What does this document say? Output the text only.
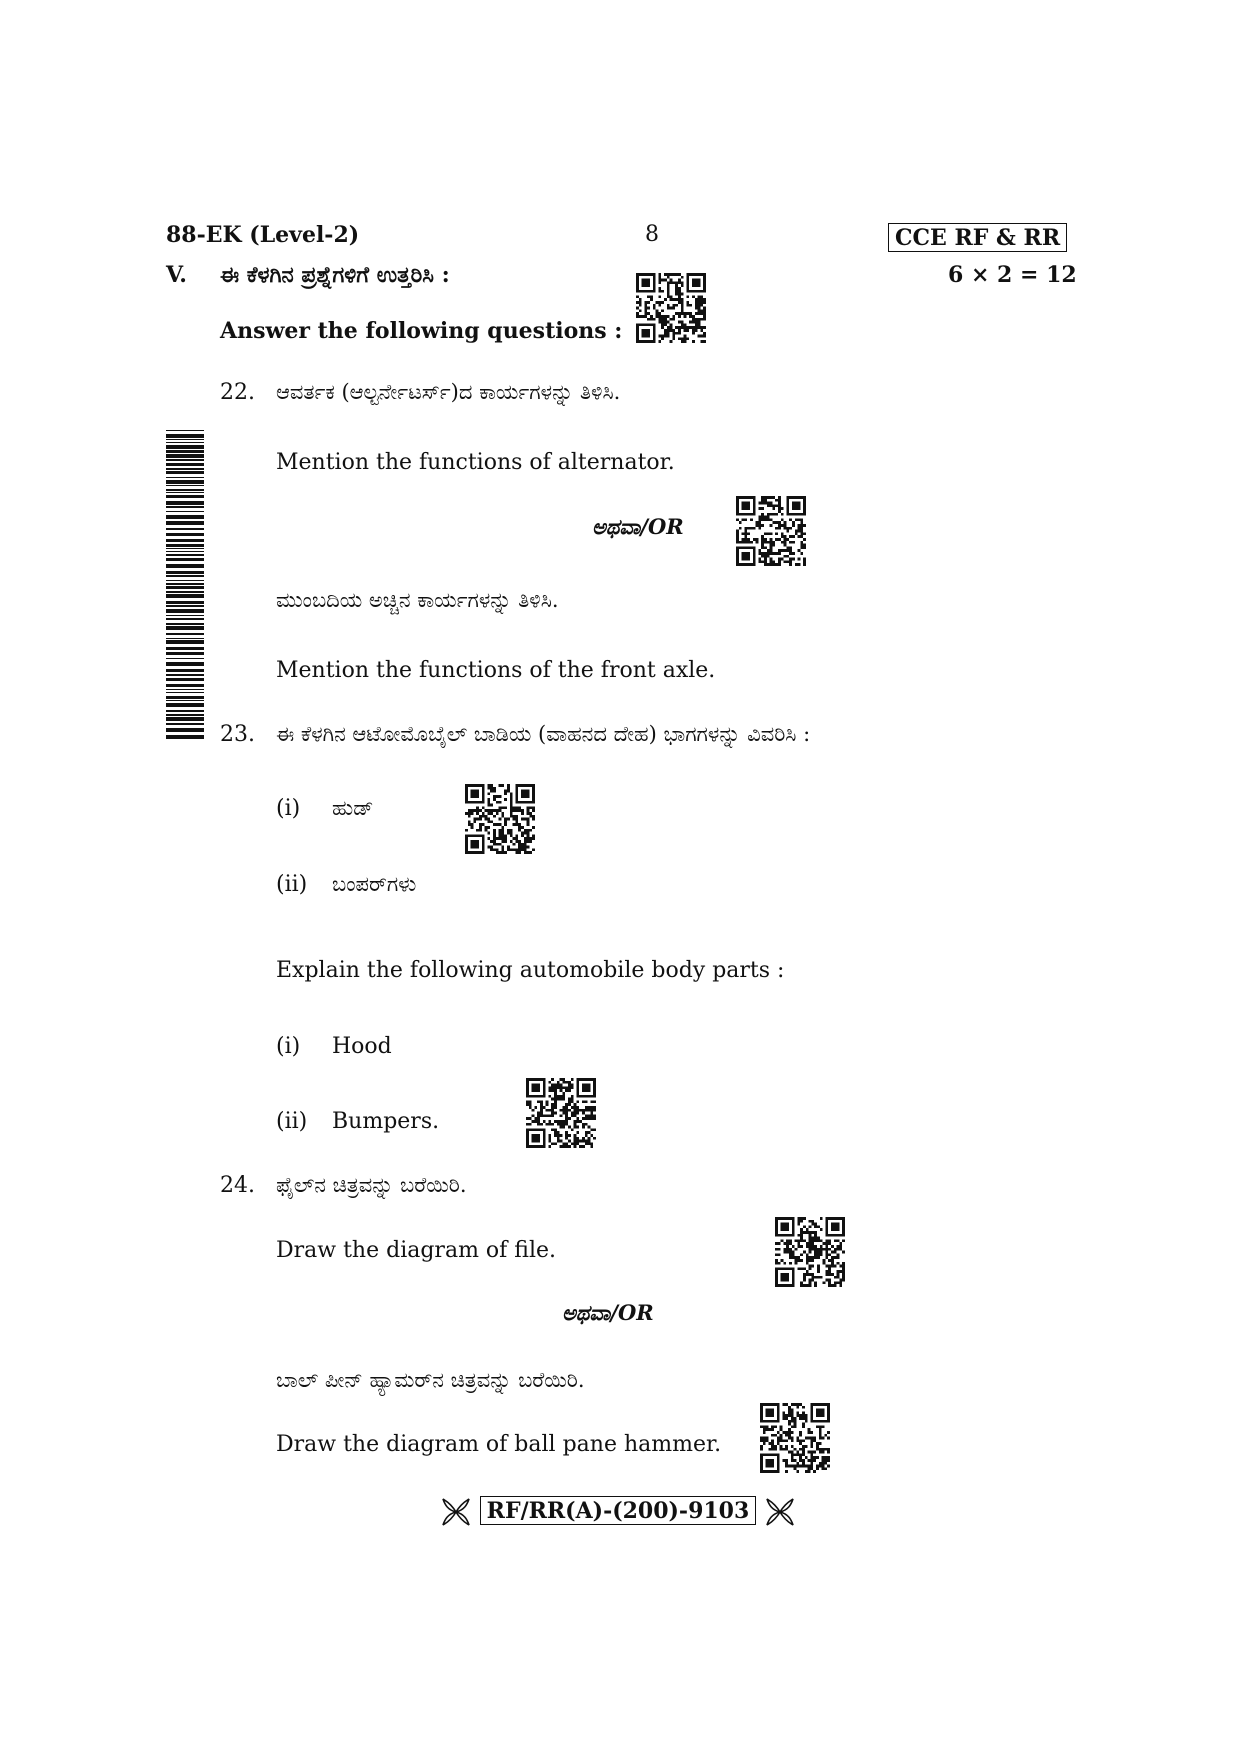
88-EK (Level-2)	8	CCE RF & RR
V. ಈ ಕೆಳಗಿನ ಪ್ರಶ್ನೆಗಳಿಗೆ ಉತ್ತರಿಸಿ :	6 × 2 = 12
Answer the following questions :
22. ಆವರ್ತಕ (ಆಲ್ಟರ್ನೇಟರ್ಸ್)ದ ಕಾರ್ಯಗಳನ್ನು ತಿಳಿಸಿ.
Mention the functions of alternator.
ಅಥವಾ/OR
ಮುಂಬದಿಯ ಅಚ್ಚಿನ ಕಾರ್ಯಗಳನ್ನು ತಿಳಿಸಿ.
Mention the functions of the front axle.
23. ಈ ಕೆಳಗಿನ ಆಟೋಮೊಬೈಲ್ ಬಾಡಿಯ (ವಾಹನದ ದೇಹ) ಭಾಗಗಳನ್ನು ವಿವರಿಸಿ :
(i) ಹುಡ್
(ii) ಬಂಪರ್‌ಗಳು
Explain the following automobile body parts :
(i) Hood
(ii) Bumpers.
24. ಫೈಲ್‌ನ ಚಿತ್ರವನ್ನು ಬರೆಯಿರಿ.
Draw the diagram of file.
ಅಥವಾ/OR
ಬಾಲ್ ಪೀನ್ ಹ್ಯಾಮರ್‌ನ ಚಿತ್ರವನ್ನು ಬರೆಯಿರಿ.
Draw the diagram of ball pane hammer.
RF/RR(A)-(200)-9103
